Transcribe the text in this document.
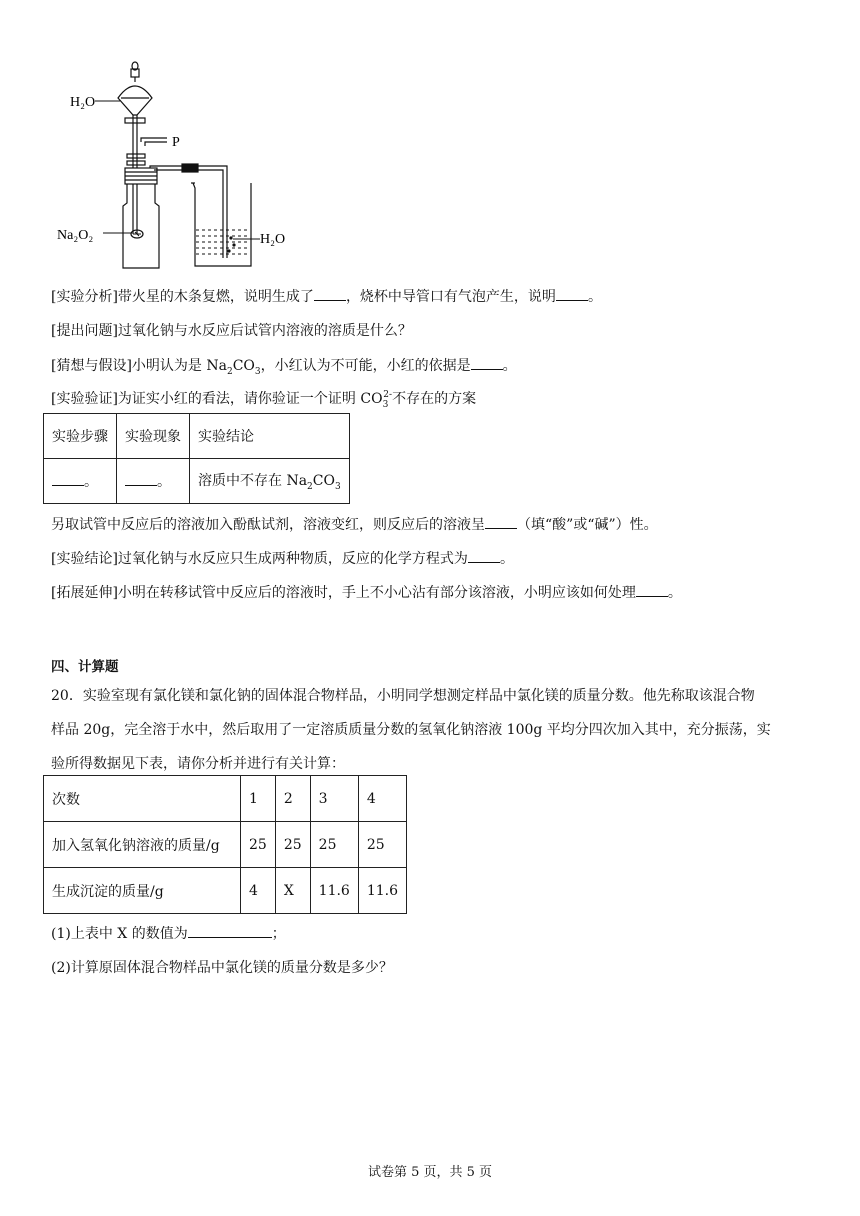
H₂O
P
Na₂O₂	H₂O
[实验分析]带火星的木条复燃，说明生成了 ，烧杯中导管口有气泡产生，说明 。
[提出问题]过氧化钠与水反应后试管内溶液的溶质是什么？
[猜想与假设]小明认为是 $Na_2CO_3$，小红认为不可能，小红的依据是 。
[实验验证]为证实小红的看法，请你验证一个证明 $CO_3^{2-}$不存在的方案
实验步骤	实验现象	实验结论
。	。	溶质中不存在 $Na_2CO_3$
另取试管中反应后的溶液加入酚酞试剂，溶液变红，则反应后的溶液呈 （填“酸”或“碱”）性。
[实验结论]过氧化钠与水反应只生成两种物质，反应的化学方程式为 。
[拓展延伸]小明在转移试管中反应后的溶液时，手上不小心沾有部分该溶液，小明应该如何处理 。
四、计算题
20．实验室现有氯化镁和氯化钠的固体混合物样品，小明同学想测定样品中氯化镁的质量分数。他先称取该混合物
样品 20g，完全溶于水中，然后取用了一定溶质质量分数的氢氧化钠溶液 100g 平均分四次加入其中，充分振荡，实
验所得数据见下表，请你分析并进行有关计算：
次数	1	2	3	4
加入氢氧化钠溶液的质量/g	25	25	25	25
生成沉淀的质量/g	4	X	11.6	11.6
(1)上表中 X 的数值为	；
(2)计算原固体混合物样品中氯化镁的质量分数是多少？
试卷第 5 页，共 5 页
